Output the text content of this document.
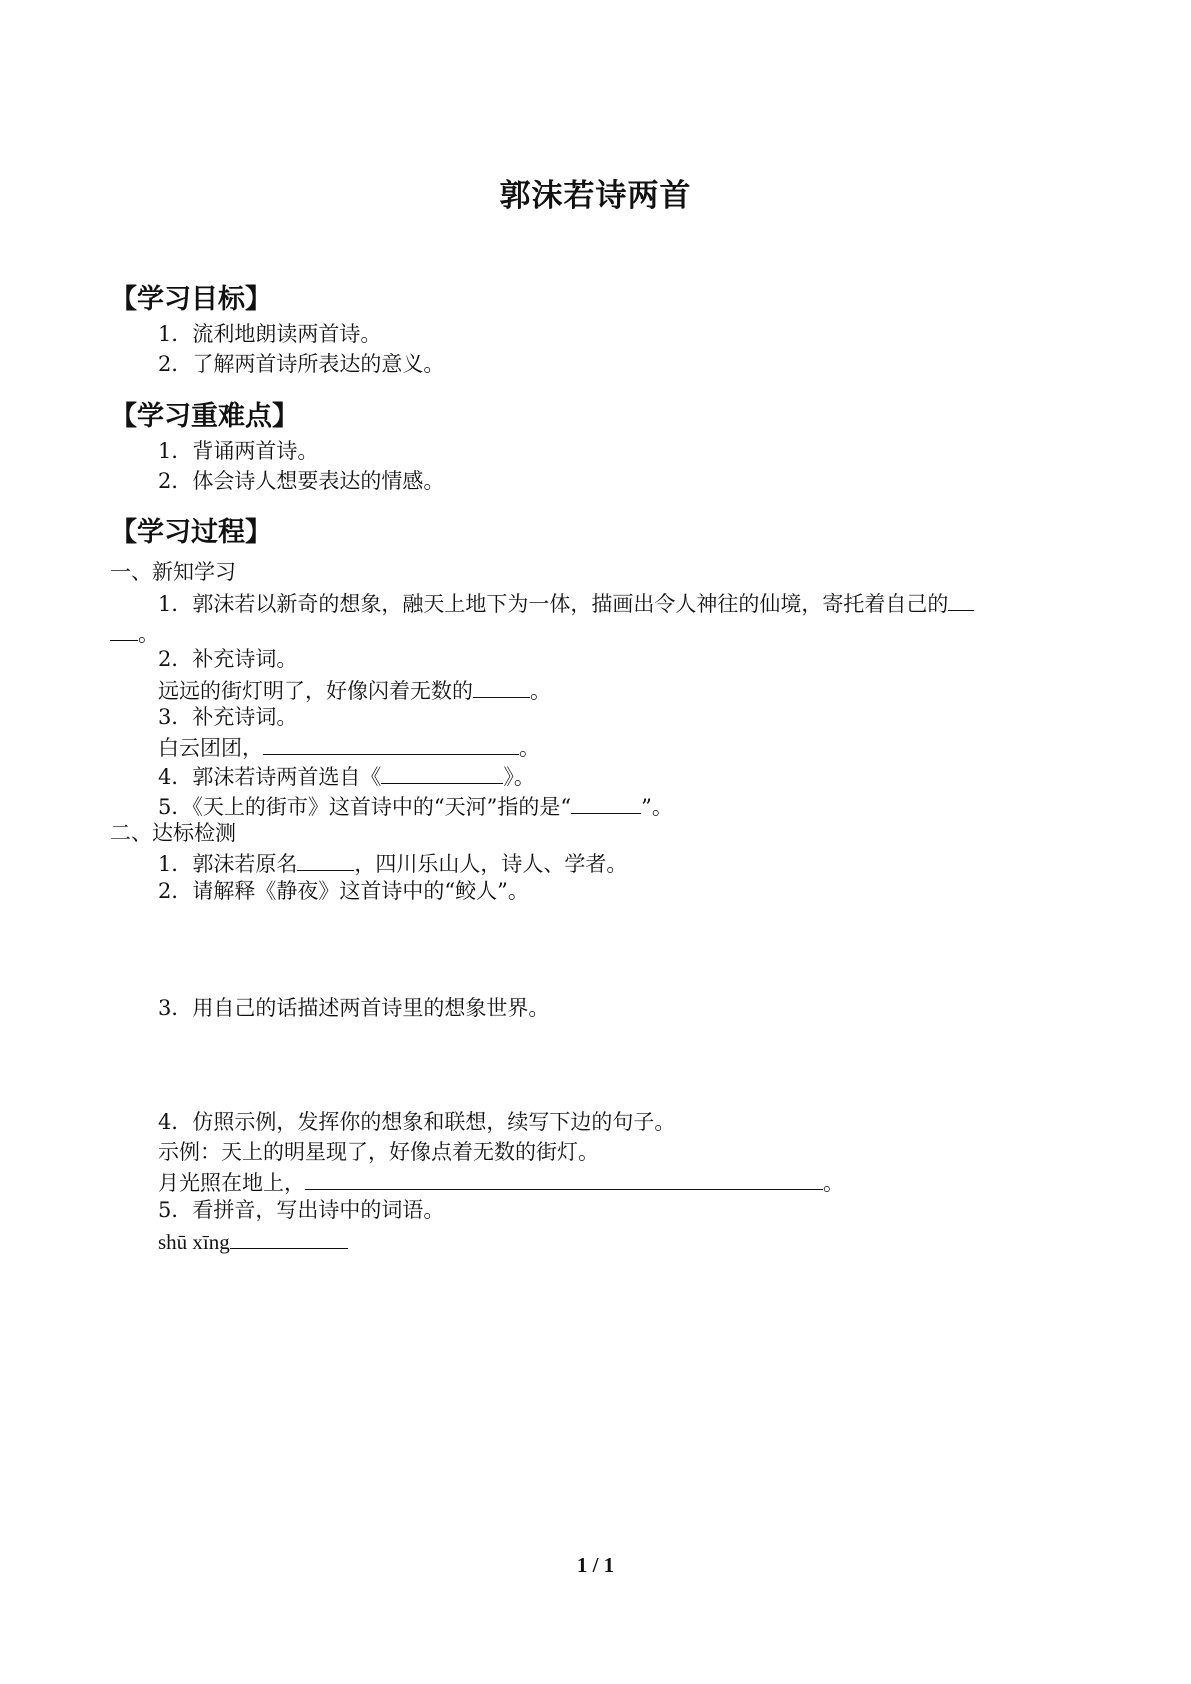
郭沫若诗两首
【学习目标】
1．流利地朗读两首诗。
2．了解两首诗所表达的意义。
【学习重难点】
1．背诵两首诗。
2．体会诗人想要表达的情感。
【学习过程】
一、新知学习
1．郭沫若以新奇的想象，融天上地下为一体，描画出令人神往的仙境，寄托着自己的
。
2．补充诗词。
远远的街灯明了，好像闪着无数的	。
3．补充诗词。
白云团团，	。
4．郭沫若诗两首选自《	》。
5．《天上的街市》这首诗中的“天河”指的是“	”。
二、达标检测
1．郭沫若原名	，四川乐山人，诗人、学者。
2．请解释《静夜》这首诗中的“鲛人”。
3．用自己的话描述两首诗里的想象世界。
4．仿照示例，发挥你的想象和联想，续写下边的句子。
示例：天上的明星现了，好像点着无数的街灯。
月光照在地上，	。
5．看拼音，写出诗中的词语。
shū xīng
1 / 1
